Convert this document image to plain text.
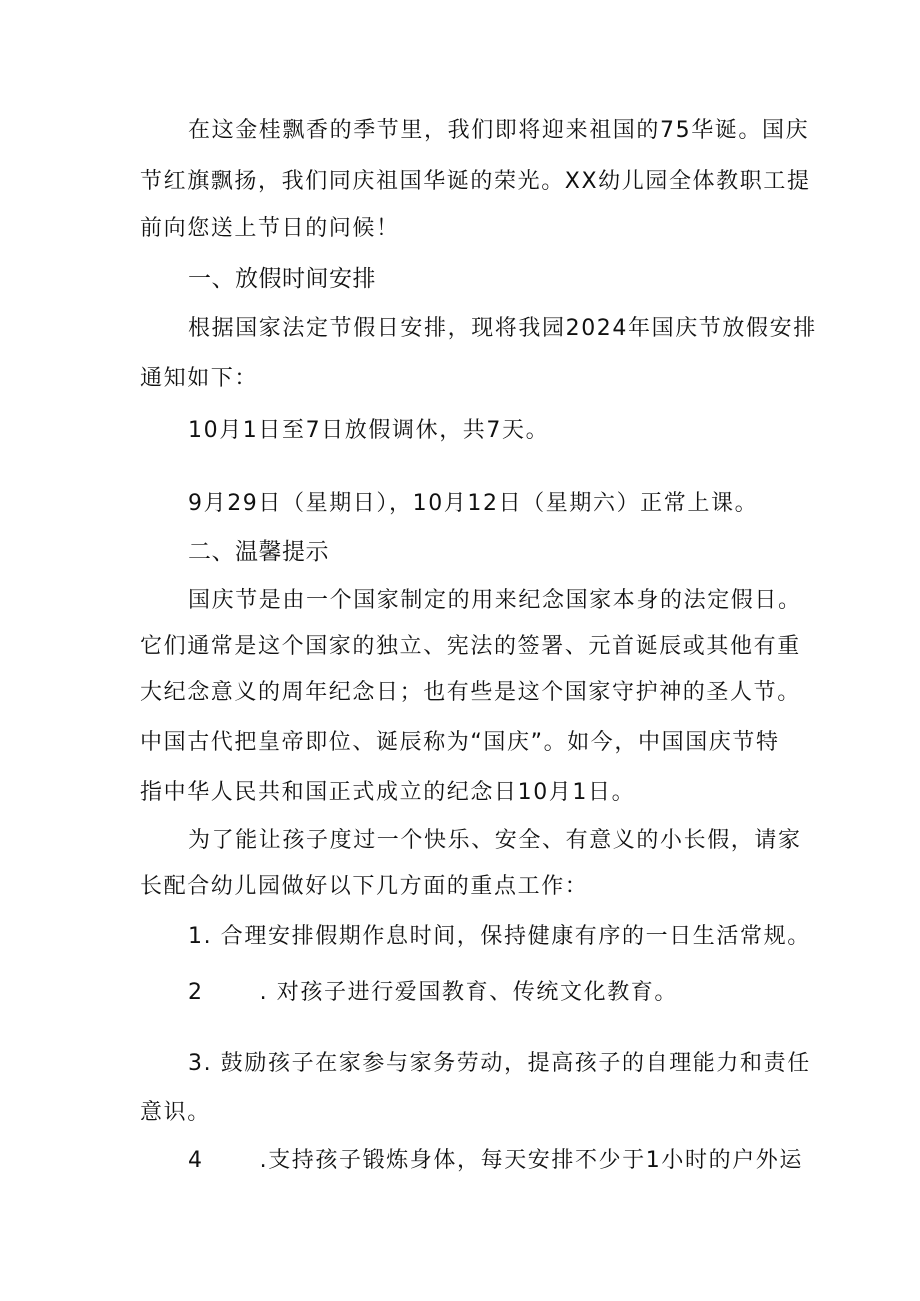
在这金桂飘香的季节里，我们即将迎来祖国的75华诞。国庆
节红旗飘扬，我们同庆祖国华诞的荣光。XX幼儿园全体教职工提
前向您送上节日的问候！
一、放假时间安排
根据国家法定节假日安排，现将我园2024年国庆节放假安排
通知如下：
10月1日至7日放假调休，共7天。
9月29日（星期日），10月12日（星期六）正常上课。
二、温馨提示
国庆节是由一个国家制定的用来纪念国家本身的法定假日。
它们通常是这个国家的独立、宪法的签署、元首诞辰或其他有重
大纪念意义的周年纪念日；也有些是这个国家守护神的圣人节。
中国古代把皇帝即位、诞辰称为“国庆”。如今，中国国庆节特
指中华人民共和国正式成立的纪念日10月1日。
为了能让孩子度过一个快乐、安全、有意义的小长假，请家
长配合幼儿园做好以下几方面的重点工作：
1. 合理安排假期作息时间，保持健康有序的一日生活常规。
2	. 对孩子进行爱国教育、传统文化教育。
3. 鼓励孩子在家参与家务劳动，提高孩子的自理能力和责任
意识。
4	.支持孩子锻炼身体，每天安排不少于1小时的户外运
